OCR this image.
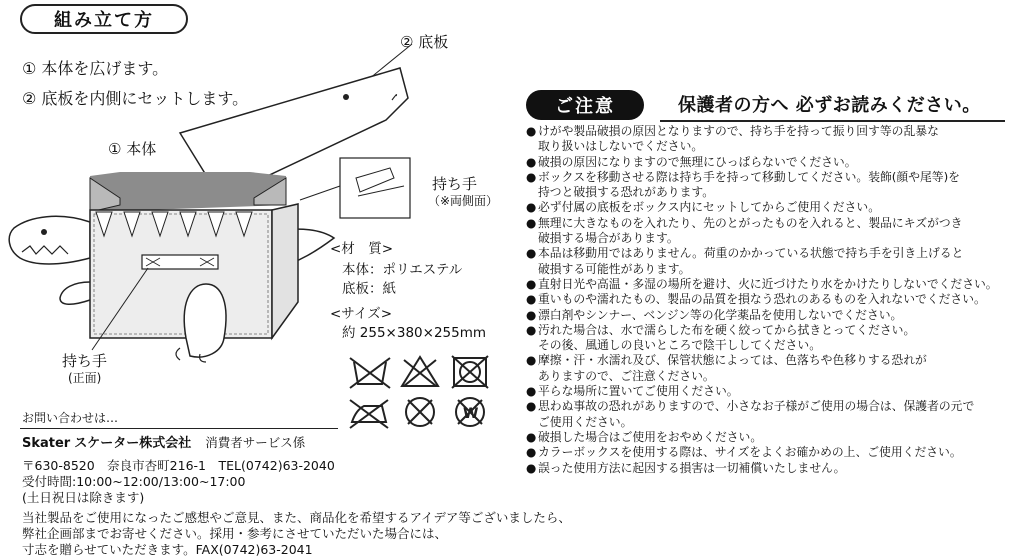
組み立て方
① 本体を広げます。
② 底板を内側にセットします。
② 底板
① 本体
持ち手
（※両側面）
持ち手
(正面)
<材　質>
本体：ポリエステル
底板：紙
<サイズ>
約 255×380×255mm
W
お問い合わせは…
Skater スケーター株式会社 消費者サービス係
〒630-8520　奈良市杏町216-1　TEL(0742)63-2040
受付時間:10:00~12:00/13:00~17:00
(土日祝日は除きます)
当社製品をご使用になったご感想やご意見、また、商品化を希望するアイデア等ございましたら、
弊社企画部までお寄せください。採用・参考にさせていただいた場合には、
寸志を贈らせていただきます。FAX(0742)63-2041
ご注意	保護者の方へ 必ずお読みください。
● けがや製品破損の原因となりますので、持ち手を持って振り回す等の乱暴な
取り扱いはしないでください。
● 破損の原因になりますので無理にひっぱらないでください。
● ボックスを移動させる際は持ち手を持って移動してください。装飾(顔や尾等)を
持つと破損する恐れがあります。
● 必ず付属の底板をボックス内にセットしてからご使用ください。
● 無理に大きなものを入れたり、先のとがったものを入れると、製品にキズがつき
破損する場合があります。
● 本品は移動用ではありません。荷重のかかっている状態で持ち手を引き上げると
破損する可能性があります。
● 直射日光や高温・多湿の場所を避け、火に近づけたり水をかけたりしないでください。
● 重いものや濡れたもの、製品の品質を損なう恐れのあるものを入れないでください。
● 漂白剤やシンナー、ベンジン等の化学薬品を使用しないでください。
● 汚れた場合は、水で濡らした布を硬く絞ってから拭きとってください。
その後、風通しの良いところで陰干ししてください。
● 摩擦・汗・水濡れ及び、保管状態によっては、色落ちや色移りする恐れが
ありますので、ご注意ください。
● 平らな場所に置いてご使用ください。
● 思わぬ事故の恐れがありますので、小さなお子様がご使用の場合は、保護者の元で
ご使用ください。
● 破損した場合はご使用をおやめください。
● カラーボックスを使用する際は、サイズをよくお確かめの上、ご使用ください。
● 誤った使用方法に起因する損害は一切補償いたしません。
